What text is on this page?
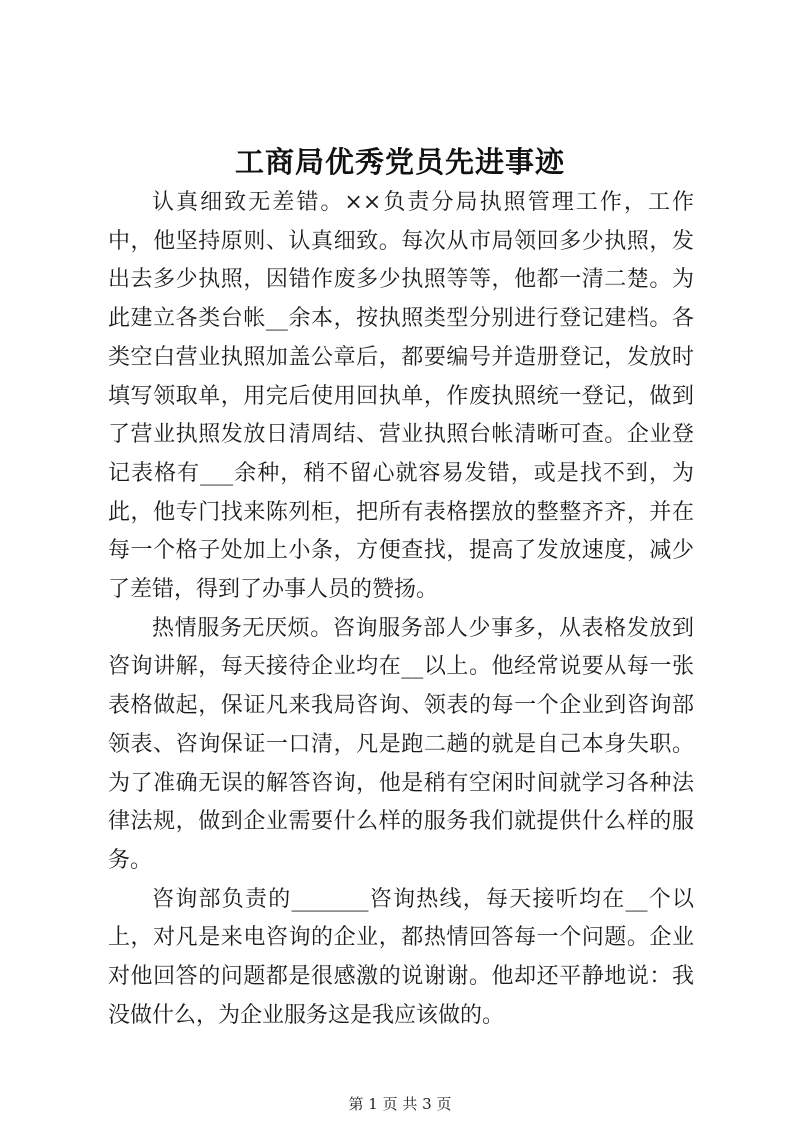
工商局优秀党员先进事迹

认真细致无差错。××负责分局执照管理工作，工作中，他坚持原则、认真细致。每次从市局领回多少执照，发出去多少执照，因错作废多少执照等等，他都一清二楚。为此建立各类台帐__余本，按执照类型分别进行登记建档。各类空白营业执照加盖公章后，都要编号并造册登记，发放时填写领取单，用完后使用回执单，作废执照统一登记，做到了营业执照发放日清周结、营业执照台帐清晰可查。企业登记表格有___余种，稍不留心就容易发错，或是找不到，为此，他专门找来陈列柜，把所有表格摆放的整整齐齐，并在每一个格子处加上小条，方便查找，提高了发放速度，减少了差错，得到了办事人员的赞扬。

热情服务无厌烦。咨询服务部人少事多，从表格发放到咨询讲解，每天接待企业均在__以上。他经常说要从每一张表格做起，保证凡来我局咨询、领表的每一个企业到咨询部领表、咨询保证一口清，凡是跑二趟的就是自己本身失职。为了准确无误的解答咨询，他是稍有空闲时间就学习各种法律法规，做到企业需要什么样的服务我们就提供什么样的服务。

咨询部负责的_______咨询热线，每天接听均在__个以上，对凡是来电咨询的企业，都热情回答每一个问题。企业对他回答的问题都是很感激的说谢谢。他却还平静地说：我没做什么，为企业服务这是我应该做的。

第 1 页 共 3 页
